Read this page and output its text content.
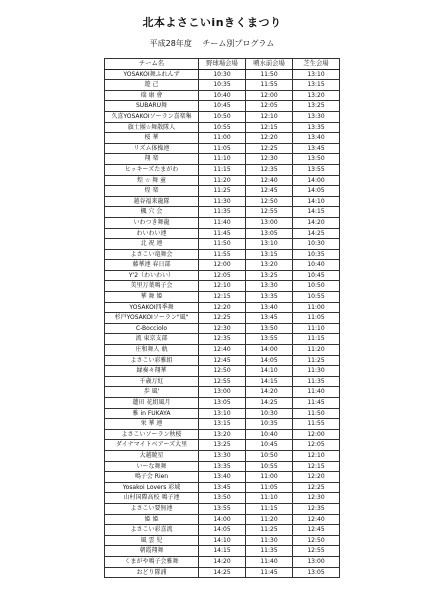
北本よさこいinきくまつり
平成28年度 チーム別プログラム
チーム名	野球場会場	噴水前会場	芝生会場
YOSAKOI舞ふれんず	10:30	11:50	13:10
遊 己	10:35	11:55	13:15
瑞 康 會	10:40	12:00	13:20
SUBARU舞	10:45	12:05	13:25
久喜YOSAKOIソーラン喜楽集	10:50	12:10	13:30
旗士團☆舞散隊人	10:55	12:15	13:35
桜 華	11:00	12:20	13:40
リズム体操連	11:05	12:25	13:45
翔 楽	11:10	12:30	13:50
ヒッキーズたまがわ	11:15	12:35	13:55
煌 ☆ 舞 童	11:20	12:40	14:00
煌 楽	11:25	12:45	14:05
越谷福来龍隊	11:30	12:50	14:10
楓 穴 会	11:35	12:55	14:15
いわつき舞龍	11:40	13:00	14:20
わいわい連	11:45	13:05	14:25
北 祝 連	11:50	13:10	10:30
よさこい竜舞会	11:55	13:15	10:35
藤華連 春日部	12:00	13:20	10:40
Y'2（わいわい）	12:05	13:25	10:45
美里万葉鳴子会	12:10	13:30	10:50
華 舞 姫	12:15	13:35	10:55
YOSAKOI四季舞	12:20	13:40	11:00
杉戸YOSAKOIソーラン"風"	12:25	13:45	11:05
C-Bocciolo	12:30	13:50	11:10
流 東京支部	12:35	13:55	11:15
庄和舞人 軌	12:40	14:00	11:20
よさこい彩雅組	12:45	14:05	11:25
縁奏々翔華	12:50	14:10	11:30
千歳万紅	12:55	14:15	11:35
歩 風'	13:00	14:20	11:40
蓮田 花組風月	13:05	14:25	11:45
雅 in FUKAYA	13:10	10:30	11:50
栄 華 連	13:15	10:35	11:55
よさこいソーラン秋桜	13:20	10:40	12:00
ダイナマイトベアーズ大里	13:25	10:45	12:05
大越暁星	13:30	10:50	12:10
いーな舞舞	13:35	10:55	12:15
鳴子会 Rien	13:40	11:00	12:20
Yosakoi Lovers 彩域	13:45	11:05	12:25
山村国際高校 鳴子連	13:50	11:10	12:30
よさこい要無連	13:55	11:15	12:35
姫 姫	14:00	11:20	12:40
よさこい彩喜流	14:05	11:25	12:45
風 雲 児	14:10	11:30	12:50
朝霞翔舞	14:15	11:35	12:55
くまがや鳴子会雅舞	14:20	11:40	13:00
おどり隊浦	14:25	11:45	13:05
